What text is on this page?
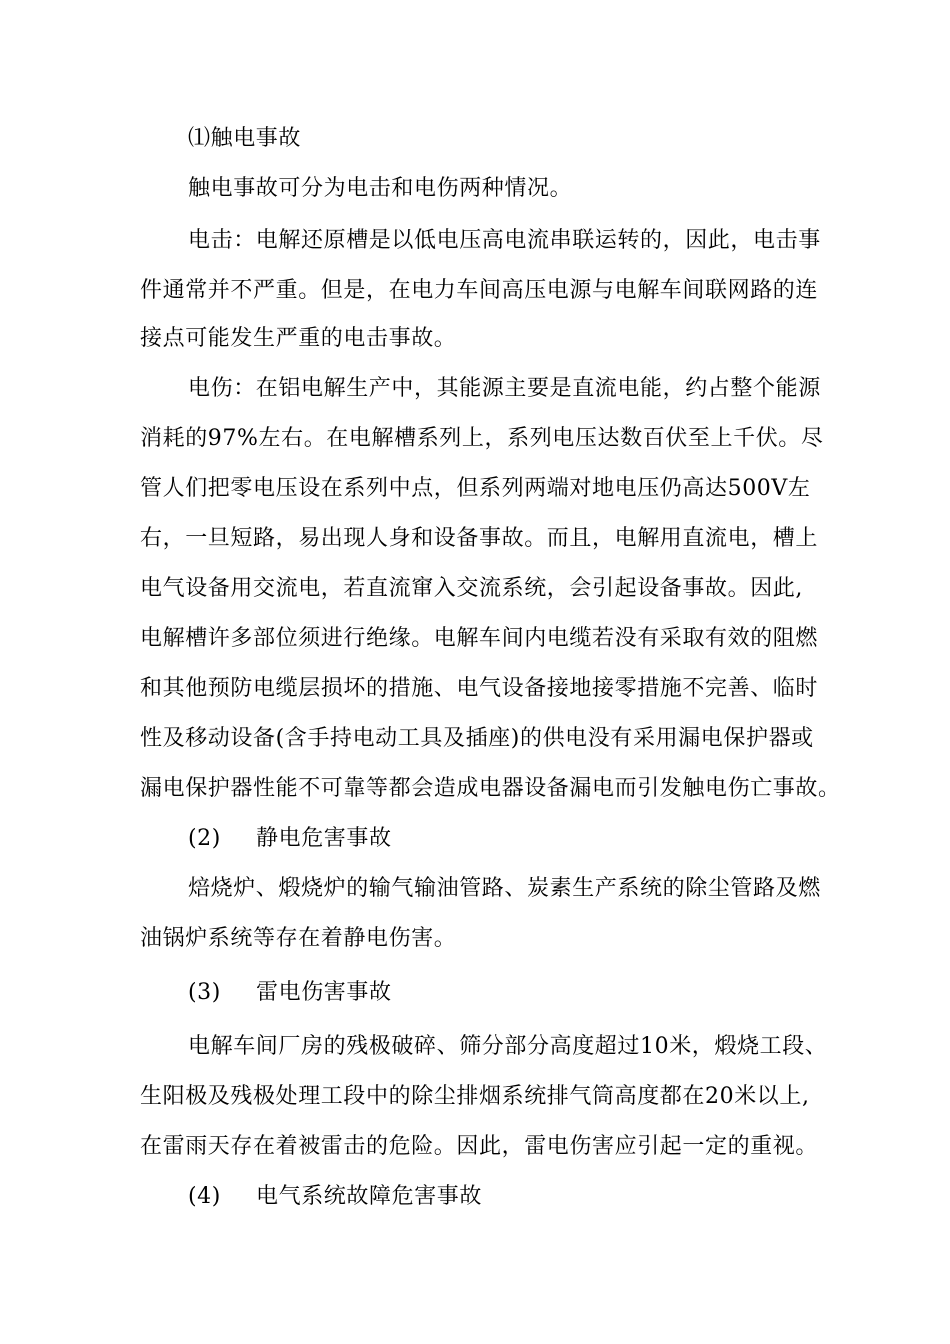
⑴触电事故

触电事故可分为电击和电伤两种情况。

电击：电解还原槽是以低电压高电流串联运转的，因此，电击事

件通常并不严重。但是，在电力车间高压电源与电解车间联网路的连

接点可能发生严重的电击事故。

电伤：在铝电解生产中，其能源主要是直流电能，约占整个能源

消耗的97%左右。在电解槽系列上，系列电压达数百伏至上千伏。尽

管人们把零电压设在系列中点，但系列两端对地电压仍高达500V左

右，一旦短路，易出现人身和设备事故。而且，电解用直流电，槽上

电气设备用交流电，若直流窜入交流系统，会引起设备事故。因此,

电解槽许多部位须进行绝缘。电解车间内电缆若没有采取有效的阻燃

和其他预防电缆层损坏的措施、电气设备接地接零措施不完善、临时

性及移动设备(含手持电动工具及插座)的供电没有采用漏电保护器或

漏电保护器性能不可靠等都会造成电器设备漏电而引发触电伤亡事故。

(2) 静电危害事故

焙烧炉、煅烧炉的输气输油管路、炭素生产系统的除尘管路及燃

油锅炉系统等存在着静电伤害。

(3) 雷电伤害事故

电解车间厂房的残极破碎、筛分部分高度超过10米，煅烧工段、

生阳极及残极处理工段中的除尘排烟系统排气筒高度都在20米以上,

在雷雨天存在着被雷击的危险。因此，雷电伤害应引起一定的重视。

(4) 电气系统故障危害事故
